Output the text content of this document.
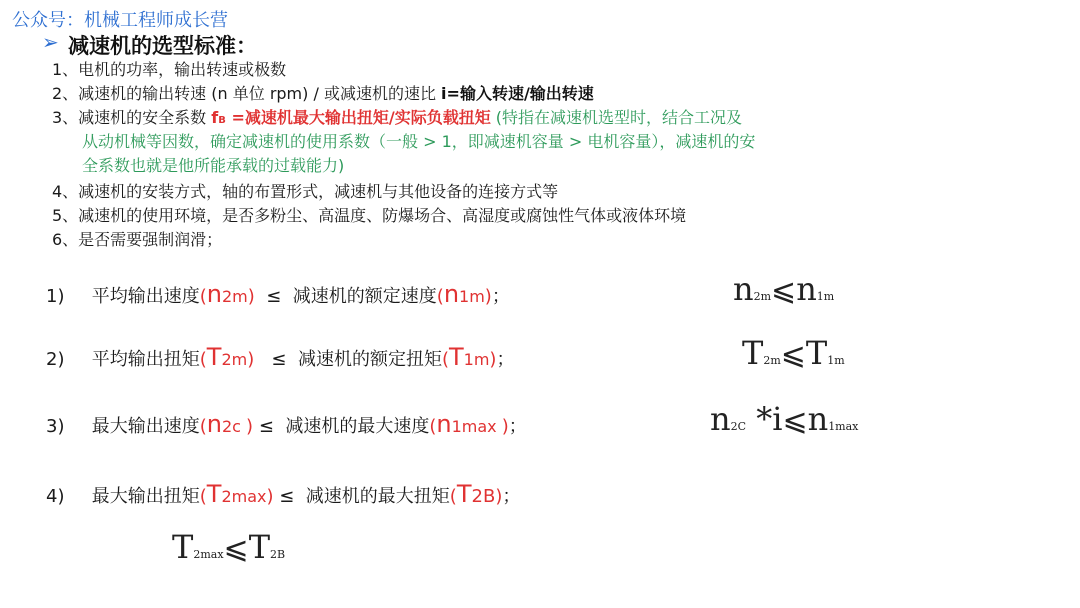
公众号：机械工程师成长营
➢ 减速机的选型标准：
1、电机的功率，输出转速或极数
2、减速机的输出转速 (n 单位 rpm) / 或减速机的速比 i=输入转速/输出转速
3、减速机的安全系数 fB =减速机最大输出扭矩/实际负载扭矩 (特指在减速机选型时，结合工况及
从动机械等因数，确定减速机的使用系数（一般 > 1，即减速机容量 > 电机容量），减速机的安
全系数也就是他所能承载的过载能力)
4、减速机的安装方式，轴的布置形式，减速机与其他设备的连接方式等
5、减速机的使用环境，是否多粉尘、高温度、防爆场合、高湿度或腐蚀性气体或液体环境
6、是否需要强制润滑；
1) 平均输出速度(n2m) ≤ 减速机的额定速度(n1m)；	n2m⩽n1m
2) 平均输出扭矩(T2m) ≤ 减速机的额定扭矩(T1m)；	T2m⩽T1m
3) 最大输出速度(n2c ) ≤ 减速机的最大速度(n1max )；	n2C *i⩽n1max
4) 最大输出扭矩(T2max) ≤ 减速机的最大扭矩(T2B)；
T2max⩽T2B
